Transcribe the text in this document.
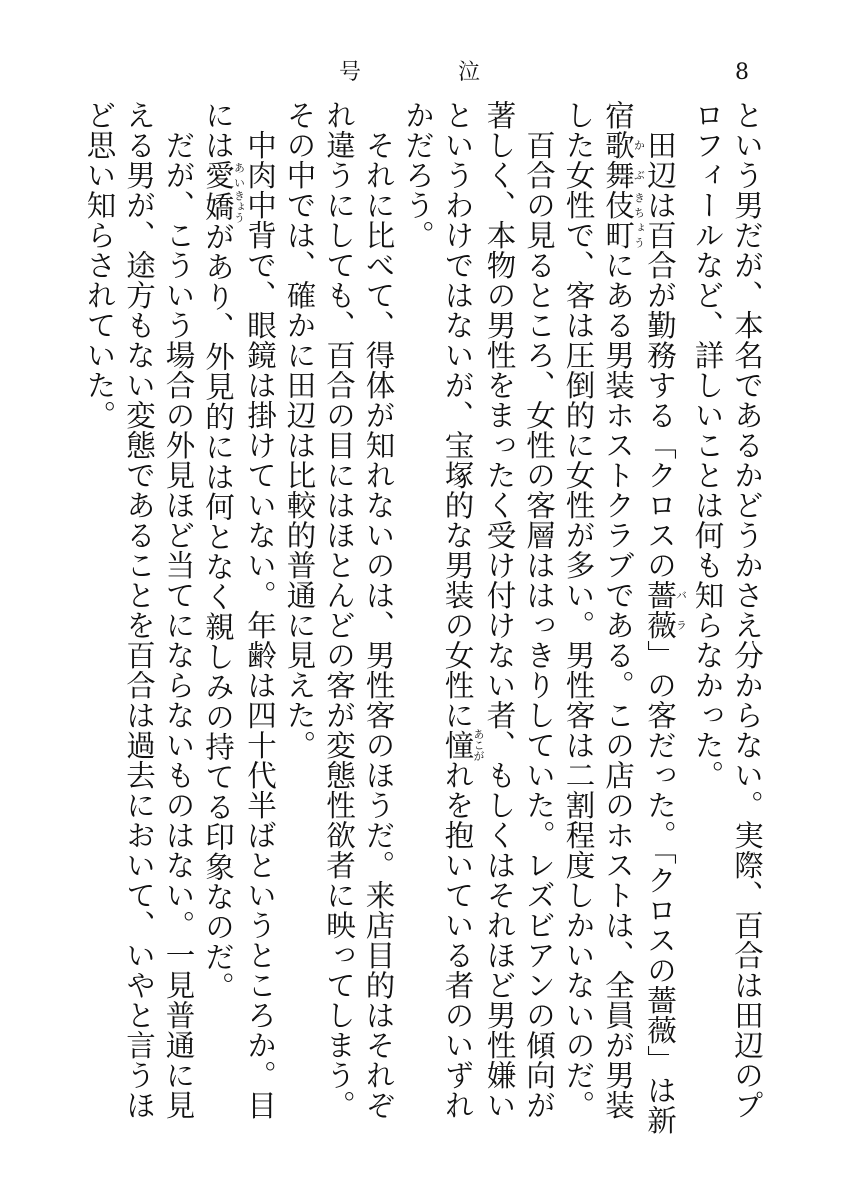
号	泣	8

という男だが、本名であるかどうかさえ分からない。実際、百合は田辺のプロフィールなど、詳しいことは何も知らなかった。

田辺は百合が勤務する「クロスの薔薇バラ」の客だった。「クロスの薔薇」は新宿歌舞かぶ伎町きちょうにある男装ホストクラブである。この店のホストは、全員が男装した女性で、客は圧倒的に女性が多い。男性客は二割程度しかいないのだ。

百合の見るところ、女性の客層ははっきりしていた。レズビアンの傾向が著しく、本物の男性をまったく受け付けない者、もしくはそれほど男性嫌いというわけではないが、宝塚的な男装の女性に憧あこがれを抱いている者のいずれかだろう。

それに比べて、得体が知れないのは、男性客のほうだ。来店目的はそれぞれ違うにしても、百合の目にはほとんどの客が変態性欲者に映ってしまう。その中では、確かに田辺は比較的普通に見えた。

中肉中背で、眼鏡は掛けていない。年齢は四十代半ばというところか。目には愛あい嬌きょうがあり、外見的には何となく親しみの持てる印象なのだ。

だが、こういう場合の外見ほど当てにならないものはない。一見普通に見える男が、途方もない変態であることを百合は過去において、いやと言うほど思い知らされていた。
